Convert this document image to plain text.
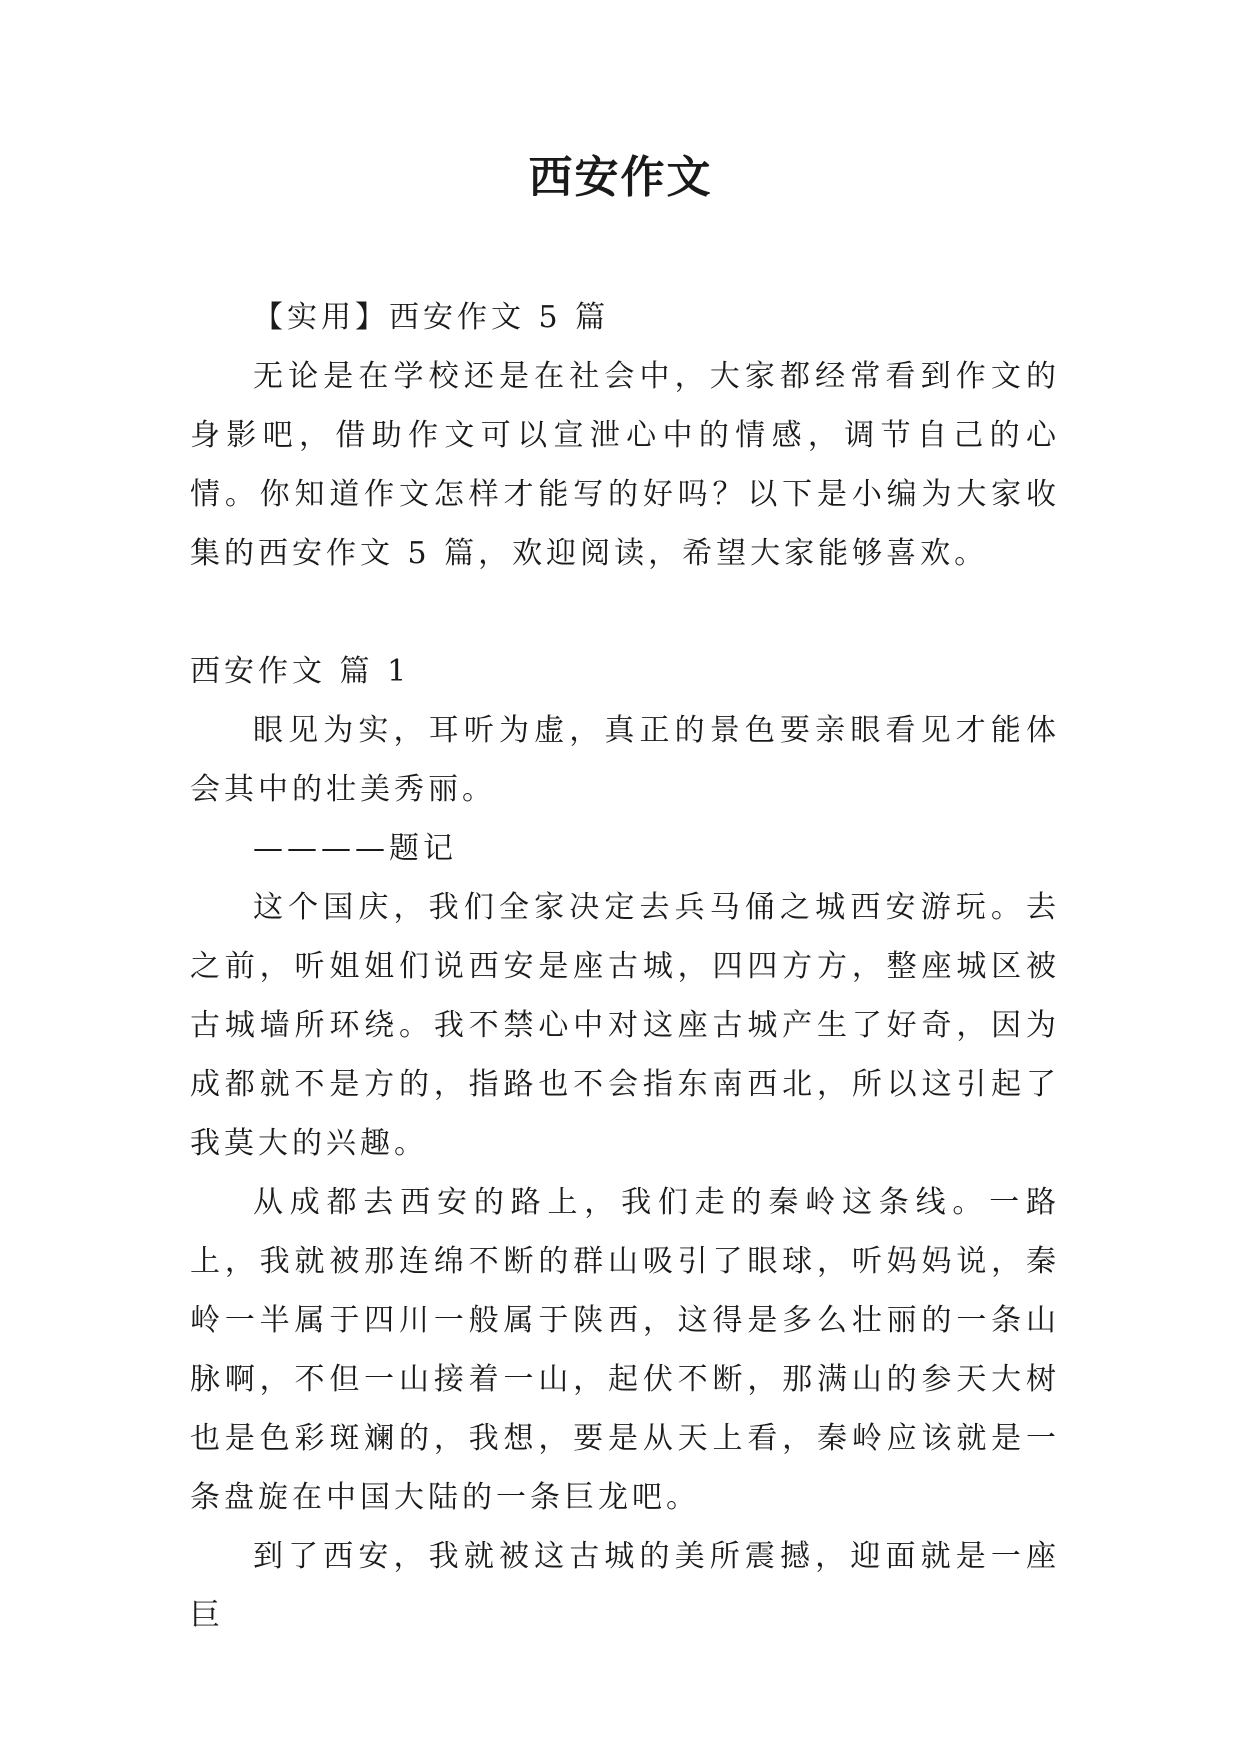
西安作文

【实用】西安作文 5 篇

无论是在学校还是在社会中，大家都经常看到作文的身影吧，借助作文可以宣泄心中的情感，调节自己的心情。你知道作文怎样才能写的好吗？以下是小编为大家收集的西安作文 5 篇，欢迎阅读，希望大家能够喜欢。

西安作文 篇 1

眼见为实，耳听为虚，真正的景色要亲眼看见才能体会其中的壮美秀丽。

————题记

这个国庆，我们全家决定去兵马俑之城西安游玩。去之前，听姐姐们说西安是座古城，四四方方，整座城区被古城墙所环绕。我不禁心中对这座古城产生了好奇，因为成都就不是方的，指路也不会指东南西北，所以这引起了我莫大的兴趣。

从成都去西安的路上，我们走的秦岭这条线。一路上，我就被那连绵不断的群山吸引了眼球，听妈妈说，秦岭一半属于四川一般属于陕西，这得是多么壮丽的一条山脉啊，不但一山接着一山，起伏不断，那满山的参天大树也是色彩斑斓的，我想，要是从天上看，秦岭应该就是一条盘旋在中国大陆的一条巨龙吧。

到了西安，我就被这古城的美所震撼，迎面就是一座巨
